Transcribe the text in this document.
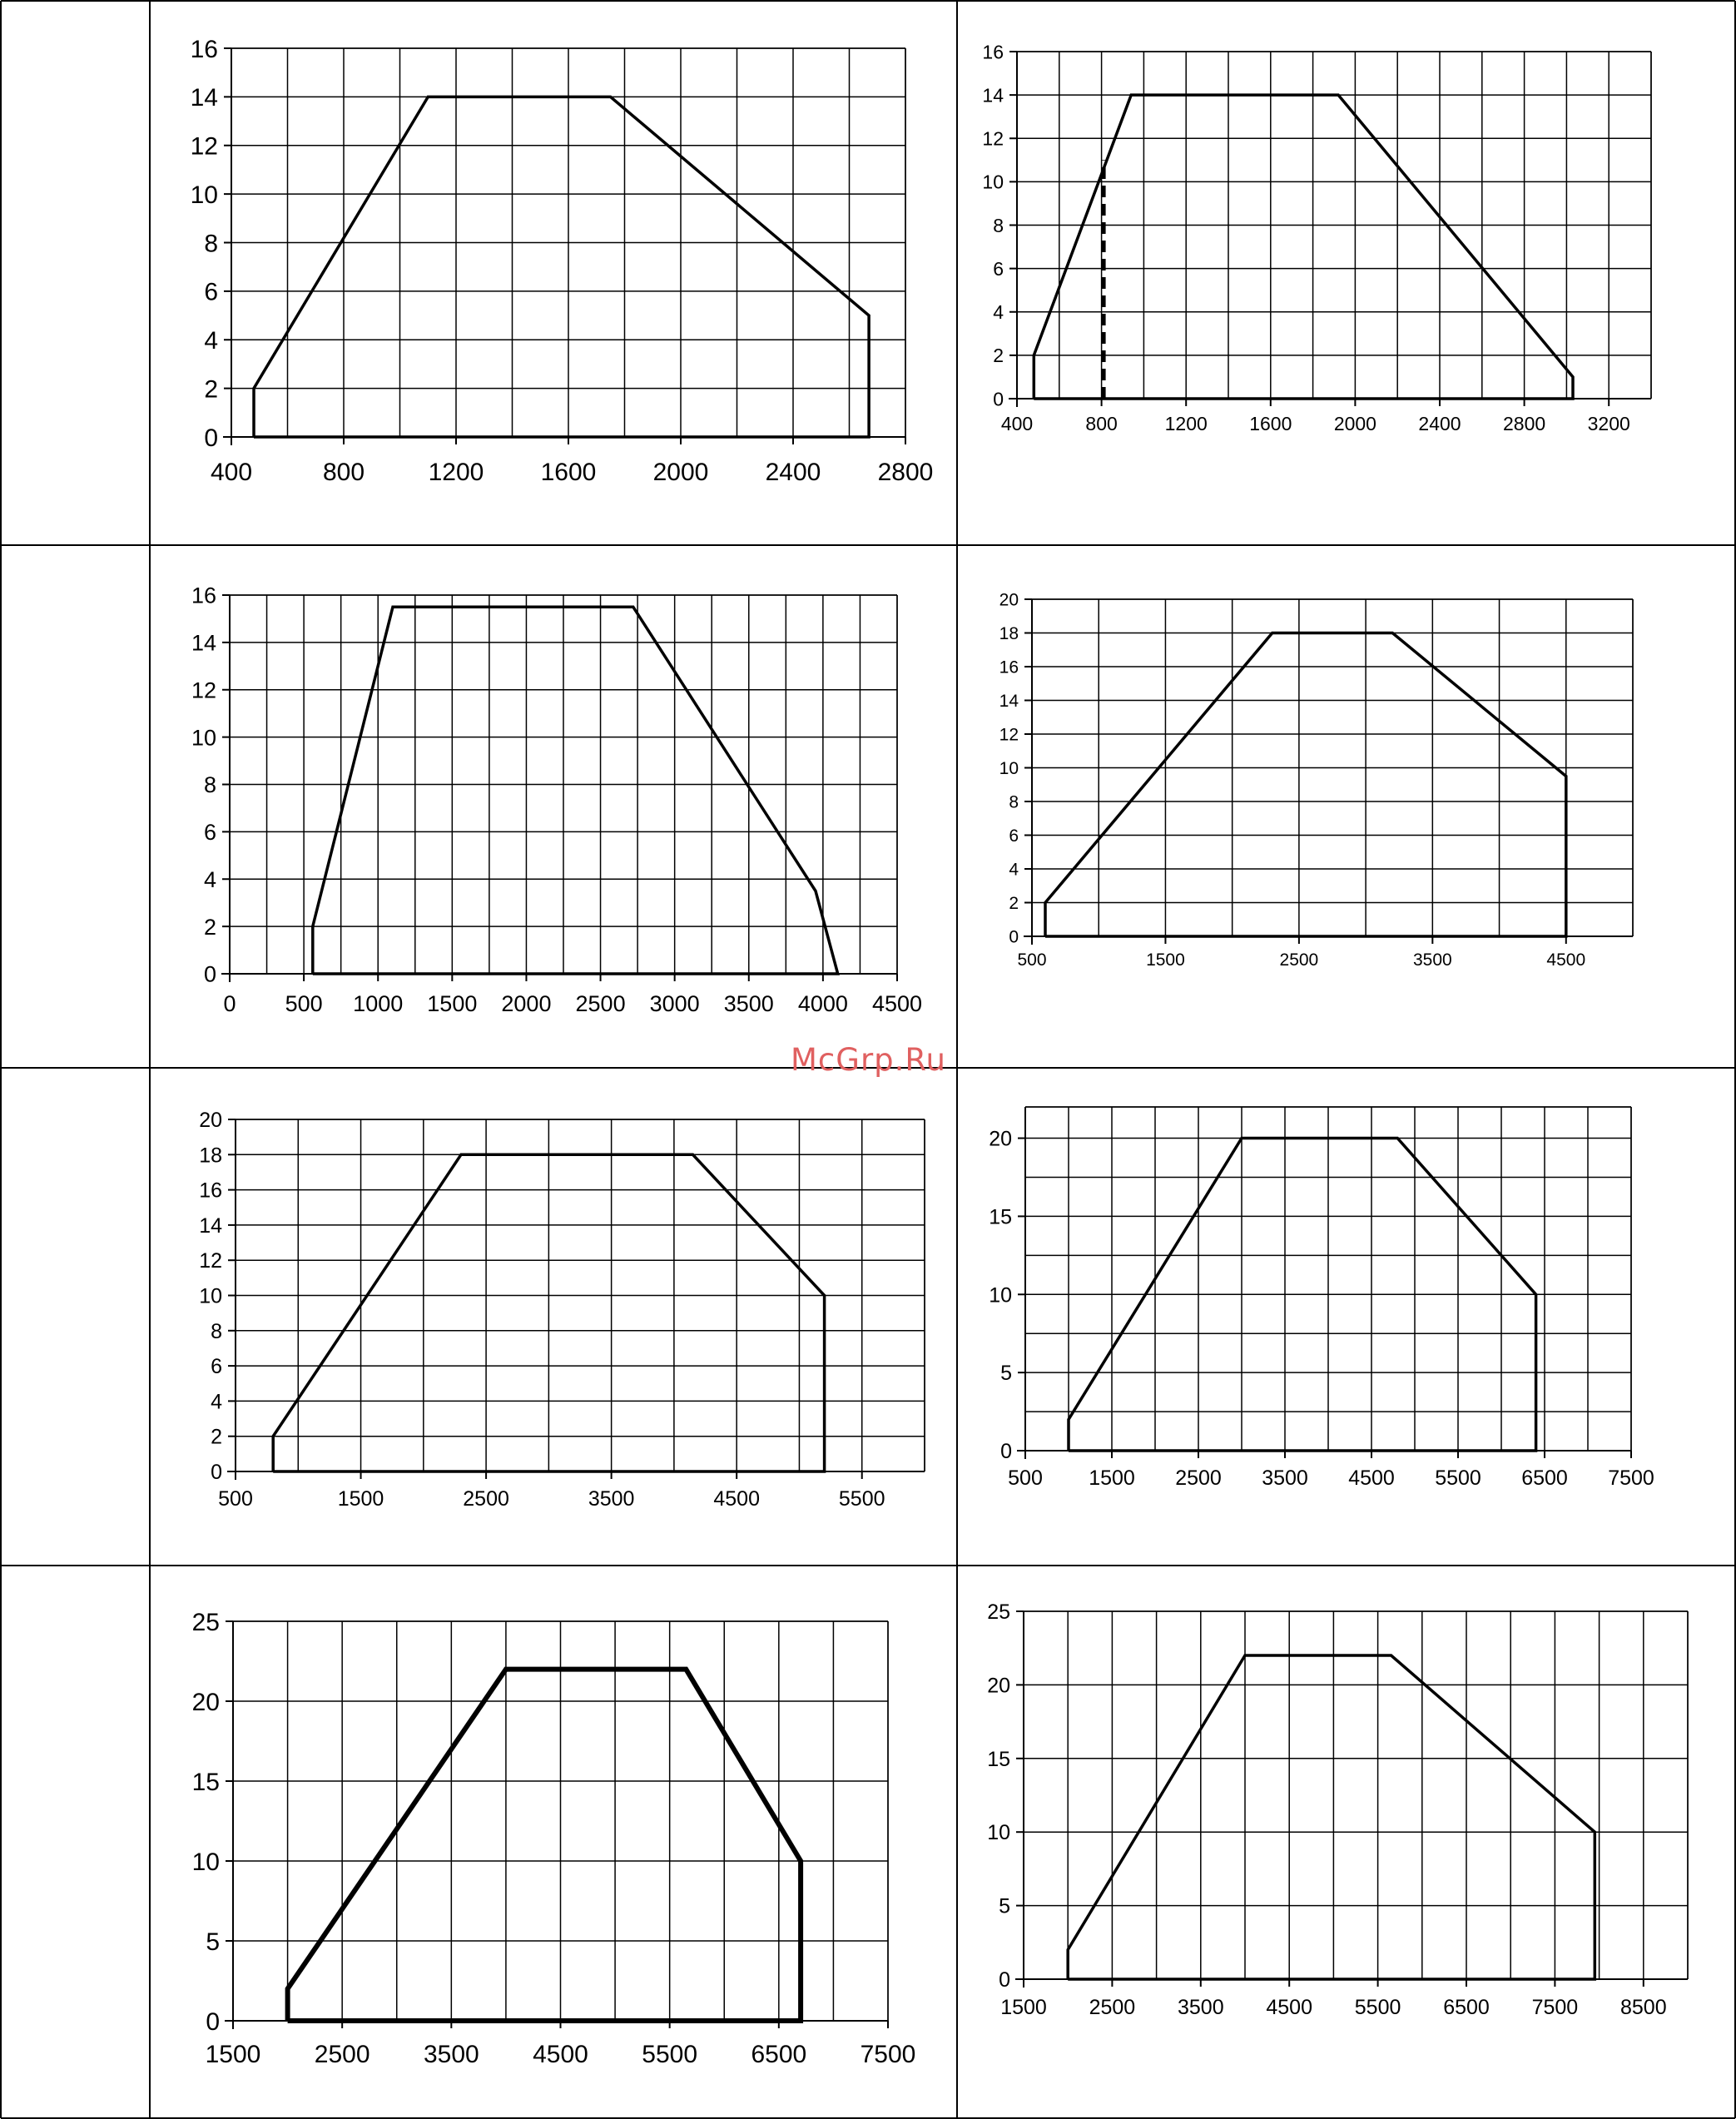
400	800	1200 1600 2000 2400 2800
0
2
4
6
8
10
12
14
16
400	800 1200 1600 2000 2400 2800 3200
0
2
4
6
8
10
12
14
16
0 500 1000 1500 2000 2500 3000 3500 4000 4500
0
2
4
6
8
10
12
14
16
500	1500	2500	3500	4500
0
2
4
6
8
10
12
14
16
18
20
500	1500	2500	3500	4500	5500
0
2
4
6
8
10
12
14
16
18
20
500 1500 2500 3500 4500 5500 6500 7500
0
5
10
15
20
1500 2500 3500 4500 5500 6500 7500
0
5
10
15
20
25
1500 2500 3500 4500 5500 6500 7500 8500
0
5
10
15
20
25
McGrp.Ru
